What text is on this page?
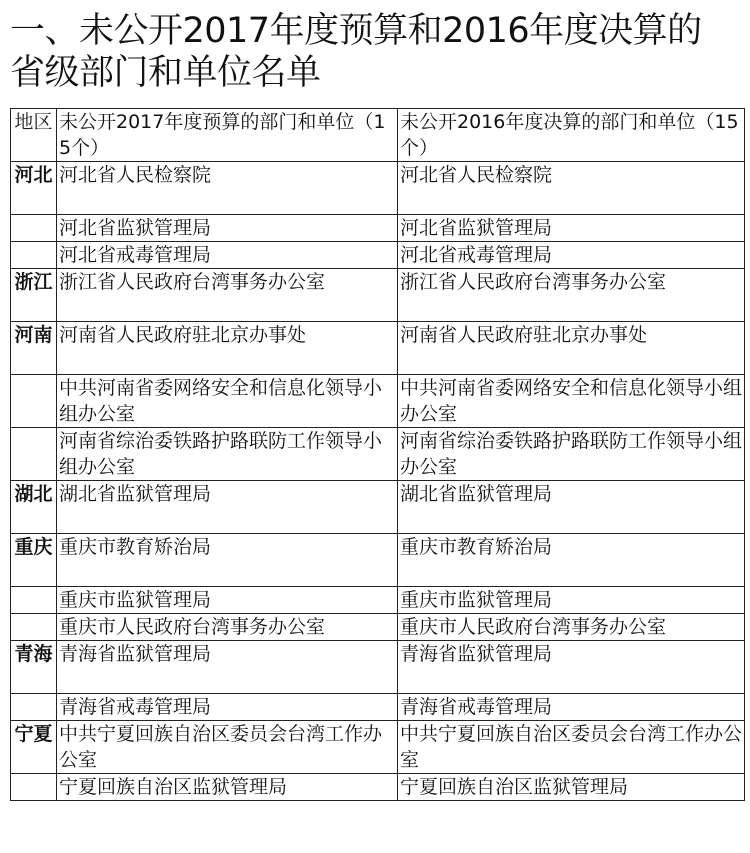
一、未公开2017年度预算和2016年度决算的
省级部门和单位名单
地区	未公开2017年度预算的部门和单位（15个）	未公开2016年度决算的部门和单位（15个）
河北	河北省人民检察院	河北省人民检察院
	河北省监狱管理局	河北省监狱管理局
	河北省戒毒管理局	河北省戒毒管理局
浙江	浙江省人民政府台湾事务办公室	浙江省人民政府台湾事务办公室
河南	河南省人民政府驻北京办事处	河南省人民政府驻北京办事处
	中共河南省委网络安全和信息化领导小组办公室	中共河南省委网络安全和信息化领导小组办公室
	河南省综治委铁路护路联防工作领导小组办公室	河南省综治委铁路护路联防工作领导小组办公室
湖北	湖北省监狱管理局	湖北省监狱管理局
重庆	重庆市教育矫治局	重庆市教育矫治局
	重庆市监狱管理局	重庆市监狱管理局
	重庆市人民政府台湾事务办公室	重庆市人民政府台湾事务办公室
青海	青海省监狱管理局	青海省监狱管理局
	青海省戒毒管理局	青海省戒毒管理局
宁夏	中共宁夏回族自治区委员会台湾工作办公室	中共宁夏回族自治区委员会台湾工作办公室
	宁夏回族自治区监狱管理局	宁夏回族自治区监狱管理局
